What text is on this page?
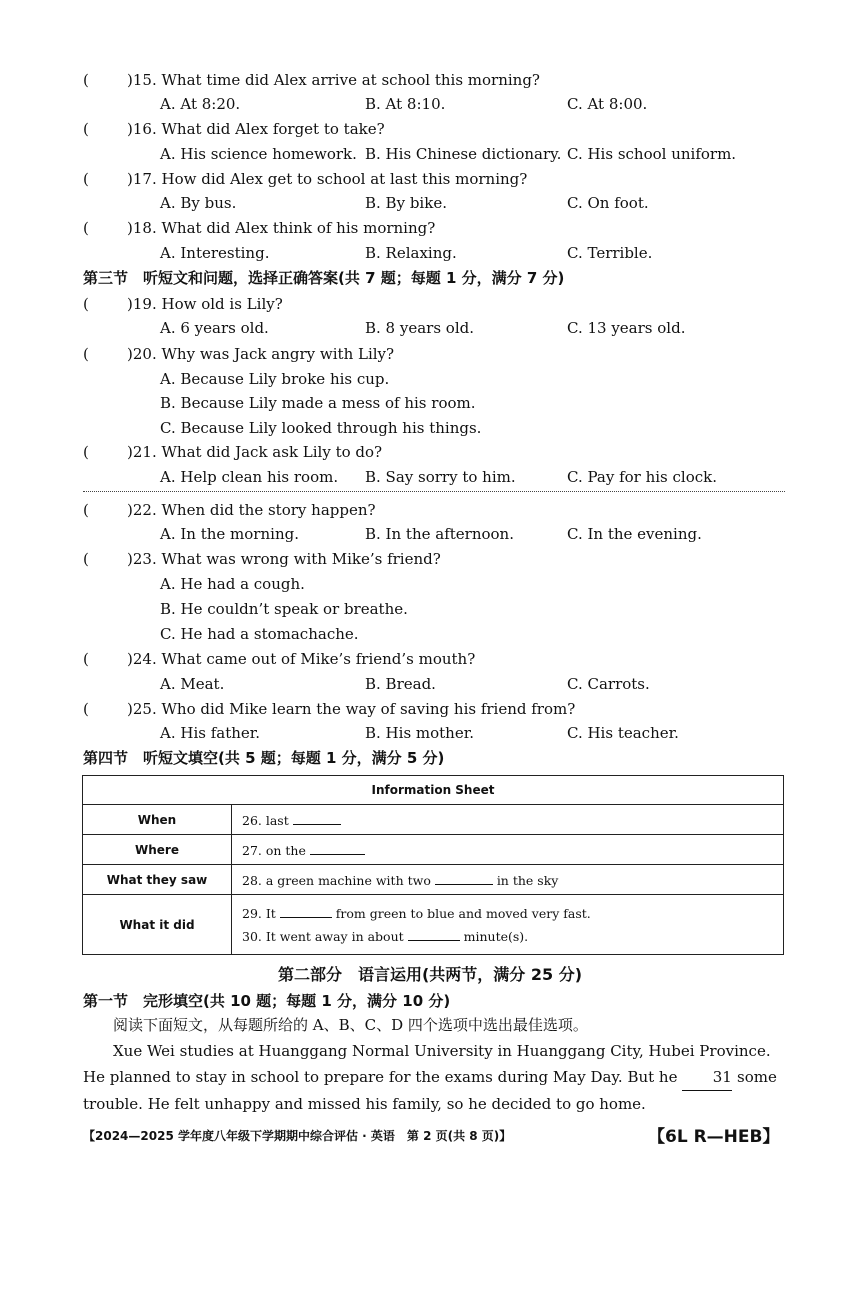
(	)15. What time did Alex arrive at school this morning?
A. At 8:20.	B. At 8:10.	C. At 8:00.
(	)16. What did Alex forget to take?
A. His science homework. B. His Chinese dictionary. C. His school uniform.
(	)17. How did Alex get to school at last this morning?
A. By bus.	B. By bike.	C. On foot.
(	)18. What did Alex think of his morning?
A. Interesting.	B. Relaxing.	C. Terrible.
第三节　听短文和问题，选择正确答案(共 7 题；每题 1 分，满分 7 分)
(	)19. How old is Lily?
A. 6 years old.	B. 8 years old.	C. 13 years old.
(	)20. Why was Jack angry with Lily?
A. Because Lily broke his cup.
B. Because Lily made a mess of his room.
C. Because Lily looked through his things.
(	)21. What did Jack ask Lily to do?
A. Help clean his room. B. Say sorry to him.	C. Pay for his clock.
(	)22. When did the story happen?
A. In the morning.	B. In the afternoon.	C. In the evening.
(	)23. What was wrong with Mike’s friend?
A. He had a cough.
B. He couldn’t speak or breathe.
C. He had a stomachache.
(	)24. What came out of Mike’s friend’s mouth?
A. Meat.	B. Bread.	C. Carrots.
(	)25. Who did Mike learn the way of saving his friend from?
A. His father.	B. His mother.	C. His teacher.
第四节　听短文填空(共 5 题；每题 1 分，满分 5 分)
Information Sheet	
When	26. last
Where	27. on the
What they saw	28. a green machine with two in the sky
What it did	29. It from green to blue and moved very fast.
30. It went away in about minute(s).
第二部分　语言运用(共两节，满分 25 分)
第一节　完形填空(共 10 题；每题 1 分，满分 10 分)
阅读下面短文，从每题所给的 A、B、C、D 四个选项中选出最佳选项。
Xue Wei studies at Huanggang Normal University in Huanggang City, Hubei Province. He planned to stay in school to prepare for the exams during May Day. But he 31 some trouble. He felt unhappy and missed his family, so he decided to go home.
【2024—2025 学年度八年级下学期期中综合评估 · 英语　第 2 页(共 8 页)】	【6L R—HEB】
